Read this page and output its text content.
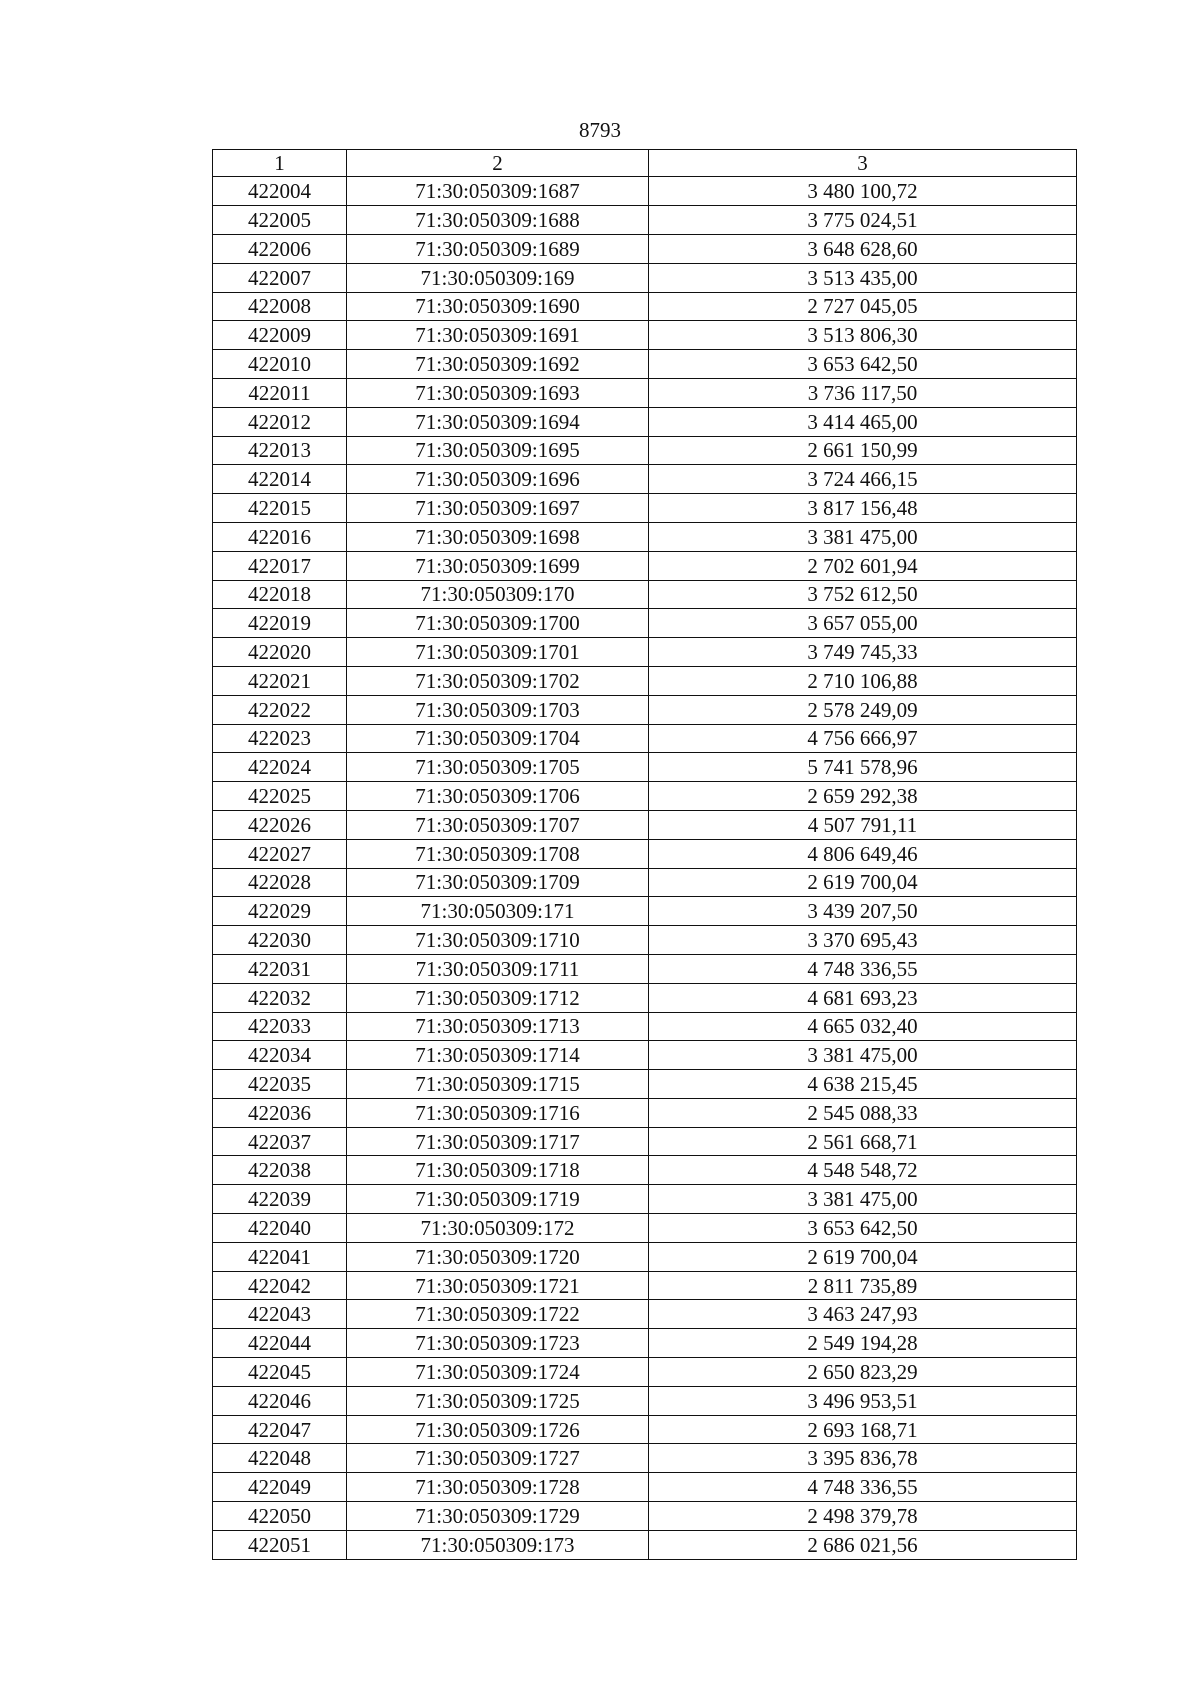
8793
1	2	3
422004	71:30:050309:1687	3 480 100,72
422005	71:30:050309:1688	3 775 024,51
422006	71:30:050309:1689	3 648 628,60
422007	71:30:050309:169	3 513 435,00
422008	71:30:050309:1690	2 727 045,05
422009	71:30:050309:1691	3 513 806,30
422010	71:30:050309:1692	3 653 642,50
422011	71:30:050309:1693	3 736 117,50
422012	71:30:050309:1694	3 414 465,00
422013	71:30:050309:1695	2 661 150,99
422014	71:30:050309:1696	3 724 466,15
422015	71:30:050309:1697	3 817 156,48
422016	71:30:050309:1698	3 381 475,00
422017	71:30:050309:1699	2 702 601,94
422018	71:30:050309:170	3 752 612,50
422019	71:30:050309:1700	3 657 055,00
422020	71:30:050309:1701	3 749 745,33
422021	71:30:050309:1702	2 710 106,88
422022	71:30:050309:1703	2 578 249,09
422023	71:30:050309:1704	4 756 666,97
422024	71:30:050309:1705	5 741 578,96
422025	71:30:050309:1706	2 659 292,38
422026	71:30:050309:1707	4 507 791,11
422027	71:30:050309:1708	4 806 649,46
422028	71:30:050309:1709	2 619 700,04
422029	71:30:050309:171	3 439 207,50
422030	71:30:050309:1710	3 370 695,43
422031	71:30:050309:1711	4 748 336,55
422032	71:30:050309:1712	4 681 693,23
422033	71:30:050309:1713	4 665 032,40
422034	71:30:050309:1714	3 381 475,00
422035	71:30:050309:1715	4 638 215,45
422036	71:30:050309:1716	2 545 088,33
422037	71:30:050309:1717	2 561 668,71
422038	71:30:050309:1718	4 548 548,72
422039	71:30:050309:1719	3 381 475,00
422040	71:30:050309:172	3 653 642,50
422041	71:30:050309:1720	2 619 700,04
422042	71:30:050309:1721	2 811 735,89
422043	71:30:050309:1722	3 463 247,93
422044	71:30:050309:1723	2 549 194,28
422045	71:30:050309:1724	2 650 823,29
422046	71:30:050309:1725	3 496 953,51
422047	71:30:050309:1726	2 693 168,71
422048	71:30:050309:1727	3 395 836,78
422049	71:30:050309:1728	4 748 336,55
422050	71:30:050309:1729	2 498 379,78
422051	71:30:050309:173	2 686 021,56
